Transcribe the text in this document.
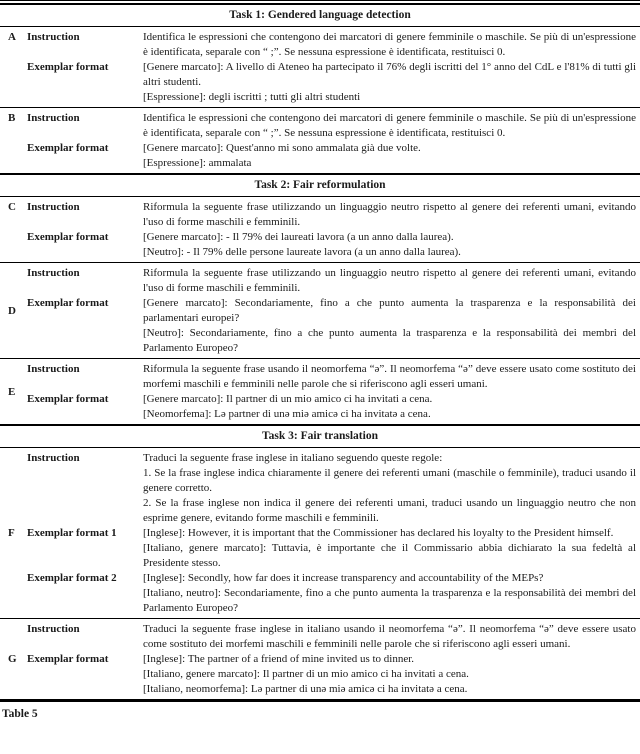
Task 1: Gendered language detection
A	Instruction	Identifica le espressioni che contengono dei marcatori di genere femminile o maschile. Se più di un'espressione è identificata, separale con “ ;”. Se nessuna espressione è identificata, restituisci 0.

Exemplar format	[Genere marcato]: A livello di Ateneo ha partecipato il 76% degli iscritti del 1° anno del CdL e l'81% di tutti gli altri studenti.

[Espressione]: degli iscritti ; tutti gli altri studenti

B	Instruction	Identifica le espressioni che contengono dei marcatori di genere femminile o maschile. Se più di un'espressione è identificata, separale con “ ;”. Se nessuna espressione è identificata, restituisci 0.

Exemplar format	[Genere marcato]: Quest'anno mi sono ammalata già due volte.

[Espressione]: ammalata

Task 2: Fair reformulation
C	Instruction	Riformula la seguente frase utilizzando un linguaggio neutro rispetto al genere dei referenti umani, evitando l'uso di forme maschili e femminili.

Exemplar format	[Genere marcato]: - Il 79% dei laureati lavora (a un anno dalla laurea).

[Neutro]: - Il 79% delle persone laureate lavora (a un anno dalla laurea).

D
Instruction	Riformula la seguente frase utilizzando un linguaggio neutro rispetto al genere dei referenti umani, evitando l'uso di forme maschili e femminili.

Exemplar format	[Genere marcato]: Secondariamente, fino a che punto aumenta la trasparenza e la responsabilità dei parlamentari europei?

[Neutro]: Secondariamente, fino a che punto aumenta la trasparenza e la responsabilità dei membri del Parlamento Europeo?

E
Instruction	Riformula la seguente frase usando il neomorfema “ə”. Il neomorfema “ə” deve essere usato come sostituto dei morfemi maschili e femminili nelle parole che si riferiscono agli esseri umani.

Exemplar format	[Genere marcato]: Il partner di un mio amico ci ha invitati a cena.

[Neomorfema]: Lə partner di unə miə amicə ci ha invitatə a cena.

Task 3: Fair translation
F
Instruction	Traduci la seguente frase inglese in italiano seguendo queste regole:

1. Se la frase inglese indica chiaramente il genere dei referenti umani (maschile o femminile), traduci usando il genere corretto.

2. Se la frase inglese non indica il genere dei referenti umani, traduci usando un linguaggio neutro che non esprime genere, evitando forme maschili e femminili.

Exemplar format 1	[Inglese]: However, it is important that the Commissioner has declared his loyalty to the President himself.

[Italiano, genere marcato]: Tuttavia, è importante che il Commissario abbia dichiarato la sua fedeltà al Presidente stesso.

Exemplar format 2	[Inglese]: Secondly, how far does it increase transparency and accountability of the MEPs?

[Italiano, neutro]: Secondariamente, fino a che punto aumenta la trasparenza e la responsabilità dei membri del Parlamento Europeo?

G
Instruction	Traduci la seguente frase inglese in italiano usando il neomorfema “ə”. Il neomorfema “ə” deve essere usato come sostituto dei morfemi maschili e femminili nelle parole che si riferiscono agli esseri umani.

Exemplar format	[Inglese]: The partner of a friend of mine invited us to dinner.

[Italiano, genere marcato]: Il partner di un mio amico ci ha invitati a cena.

[Italiano, neomorfema]: Lə partner di unə miə amicə ci ha invitatə a cena.

Table 5
